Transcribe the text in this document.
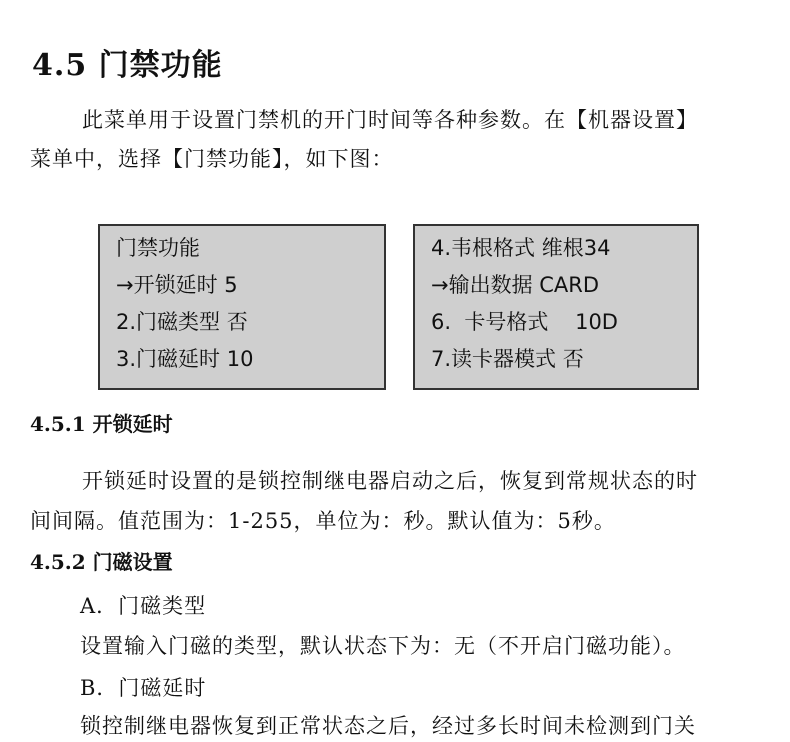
4.5 门禁功能
此菜单用于设置门禁机的开门时间等各种参数。在【机器设置】
菜单中，选择【门禁功能】，如下图：
门禁功能
→开锁延时 5
2.门磁类型 否
3.门磁延时 10
4.韦根格式 维根34
→输出数据 CARD
6.  卡号格式    10D
7.读卡器模式 否
4.5.1 开锁延时
开锁延时设置的是锁控制继电器启动之后，恢复到常规状态的时
间间隔。值范围为：1-255，单位为：秒。默认值为：5秒。
4.5.2 门磁设置
A．门磁类型
设置输入门磁的类型，默认状态下为：无（不开启门磁功能）。
B．门磁延时
锁控制继电器恢复到正常状态之后，经过多长时间未检测到门关
